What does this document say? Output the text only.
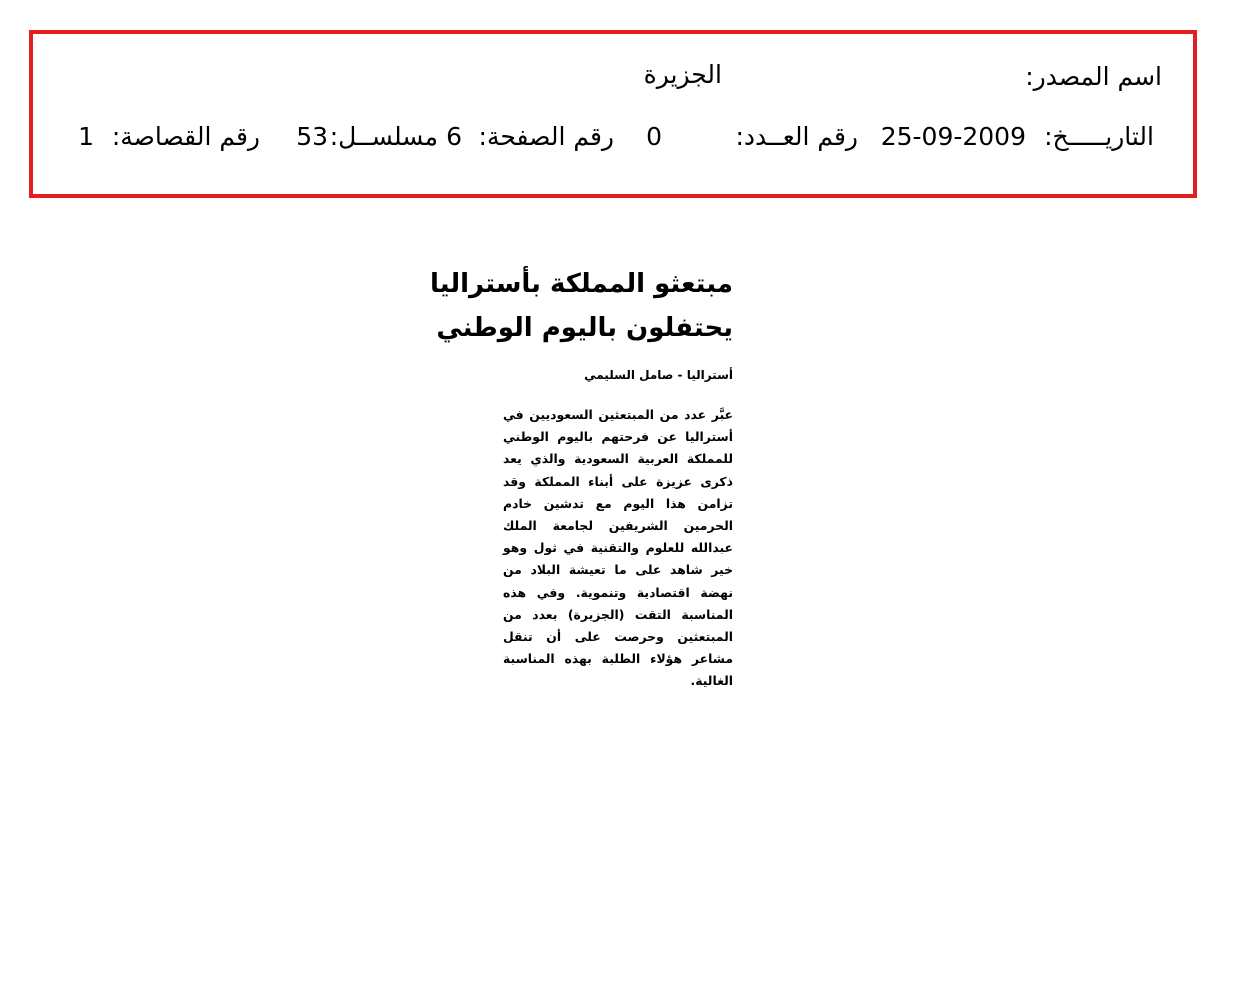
اسم المصدر:
الجزيرة
التاريـــــخ:
25-09-2009
رقم العــدد:
0
رقم الصفحة:
6
مسلســل:
53
رقم القصاصة:
1
مبتعثو المملكة بأستراليا
يحتفلون باليوم الوطني
أستراليا - صامل السليمي
عبَّر عدد من المبتعثين السعوديين في أستراليا عن فرحتهم باليوم الوطني للمملكة العربية السعودية والذي يعد ذكرى عزيزة على أبناء المملكة وقد تزامن هذا اليوم مع تدشين خادم الحرمين الشريفين لجامعة الملك عبدالله للعلوم والتقنية في ثول وهو خير شاهد على ما تعيشة البلاد من نهضة اقتصادية وتنموية. وفي هذه المناسبة التقت (الجزيرة) بعدد من المبتعثين وحرصت على أن تنقل مشاعر هؤلاء الطلبة بهذه المناسبة الغالية.
